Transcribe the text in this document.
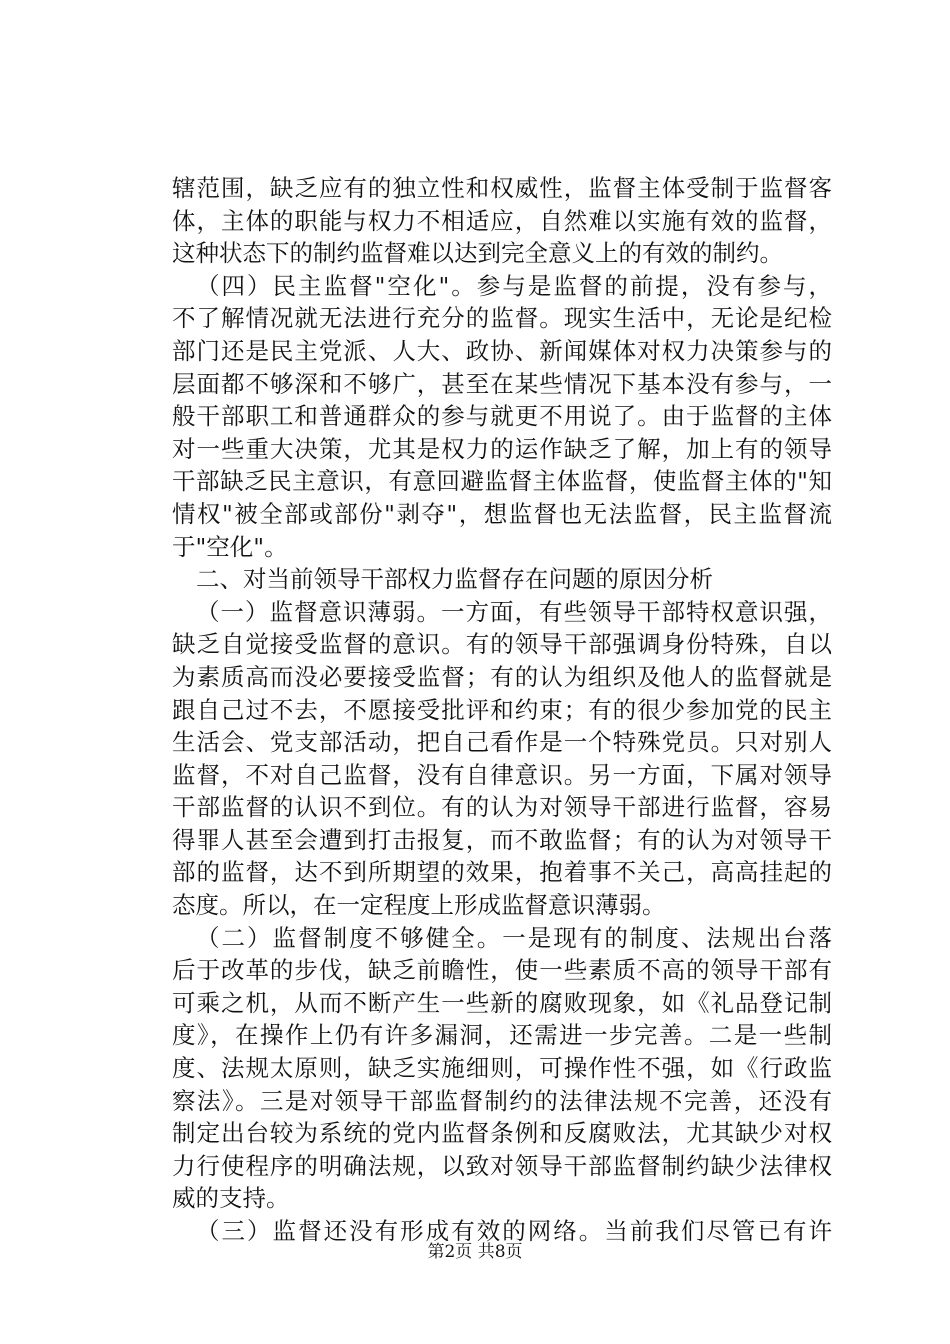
辖范围，缺乏应有的独立性和权威性，监督主体受制于监督客
体，主体的职能与权力不相适应，自然难以实施有效的监督，
这种状态下的制约监督难以达到完全意义上的有效的制约。
（四）民主监督"空化"。参与是监督的前提，没有参与，
不了解情况就无法进行充分的监督。现实生活中，无论是纪检
部门还是民主党派、人大、政协、新闻媒体对权力决策参与的
层面都不够深和不够广，甚至在某些情况下基本没有参与，一
般干部职工和普通群众的参与就更不用说了。由于监督的主体
对一些重大决策，尤其是权力的运作缺乏了解，加上有的领导
干部缺乏民主意识，有意回避监督主体监督，使监督主体的"知
情权"被全部或部份"剥夺"，想监督也无法监督，民主监督流
于"空化"。
二、对当前领导干部权力监督存在问题的原因分析
（一）监督意识薄弱。一方面，有些领导干部特权意识强，
缺乏自觉接受监督的意识。有的领导干部强调身份特殊，自以
为素质高而没必要接受监督；有的认为组织及他人的监督就是
跟自己过不去，不愿接受批评和约束；有的很少参加党的民主
生活会、党支部活动，把自己看作是一个特殊党员。只对别人
监督，不对自己监督，没有自律意识。另一方面，下属对领导
干部监督的认识不到位。有的认为对领导干部进行监督，容易
得罪人甚至会遭到打击报复，而不敢监督；有的认为对领导干
部的监督，达不到所期望的效果，抱着事不关己，高高挂起的
态度。所以，在一定程度上形成监督意识薄弱。
（二）监督制度不够健全。一是现有的制度、法规出台落
后于改革的步伐，缺乏前瞻性，使一些素质不高的领导干部有
可乘之机，从而不断产生一些新的腐败现象，如《礼品登记制
度》，在操作上仍有许多漏洞，还需进一步完善。二是一些制
度、法规太原则，缺乏实施细则，可操作性不强，如《行政监
察法》。三是对领导干部监督制约的法律法规不完善，还没有
制定出台较为系统的党内监督条例和反腐败法，尤其缺少对权
力行使程序的明确法规，以致对领导干部监督制约缺少法律权
威的支持。
（三）监督还没有形成有效的网络。当前我们尽管已有许
第2页 共8页
